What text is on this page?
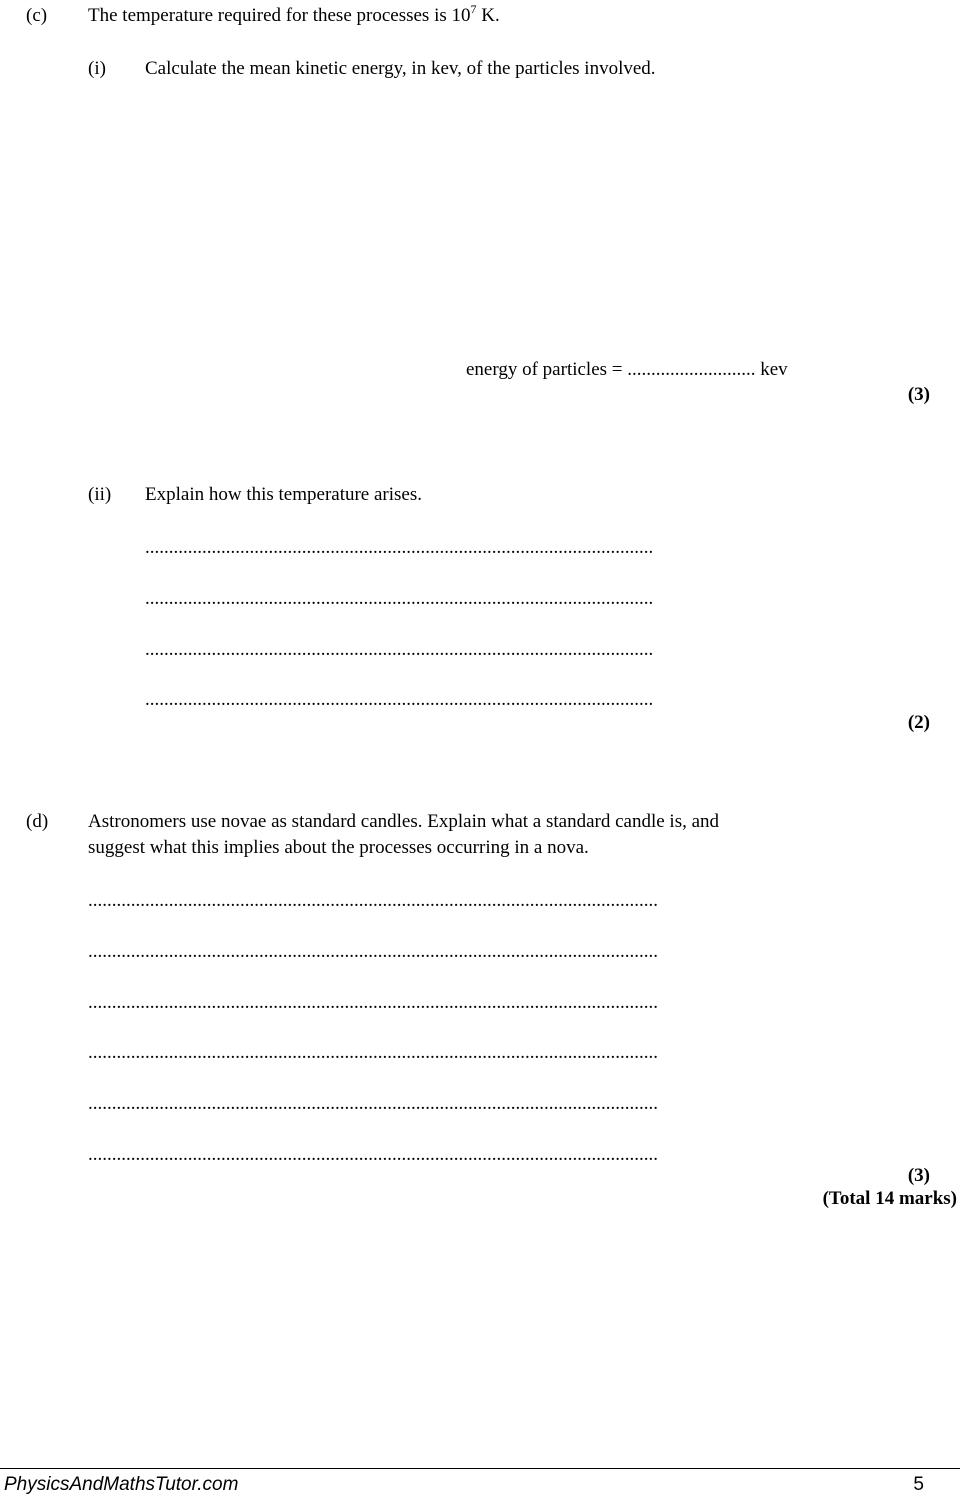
(c) The temperature required for these processes is $10^7$ K.
(i) Calculate the mean kinetic energy, in kev, of the particles involved.
energy of particles = ........................... kev
(3)
(ii) Explain how this temperature arises.
...........................................................................................................
...........................................................................................................
...........................................................................................................
...........................................................................................................
(2)
(d) Astronomers use novae as standard candles. Explain what a standard candle is, and
suggest what this implies about the processes occurring in a nova.
........................................................................................................................
........................................................................................................................
........................................................................................................................
........................................................................................................................
........................................................................................................................
........................................................................................................................
(3)
(Total 14 marks)
PhysicsAndMathsTutor.com	5
